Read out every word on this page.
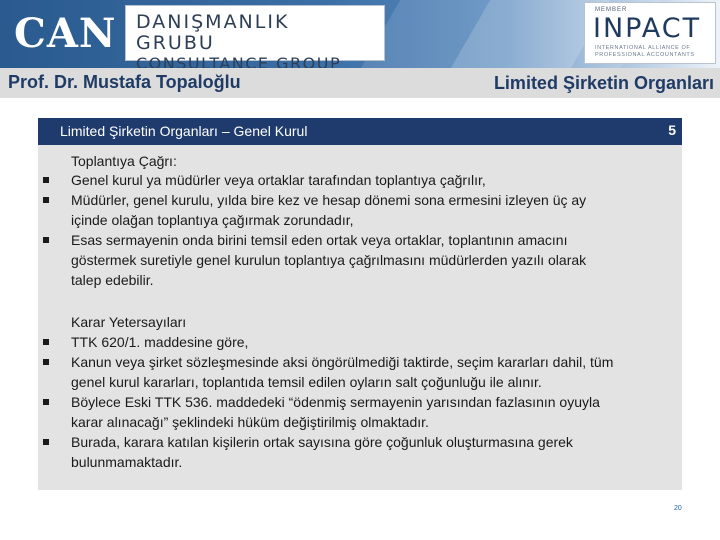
CAN DANIŞMANLIK GRUBU
CONSULTANCE GROUP
MEMBER
INPACT
INTERNATIONAL ALLIANCE OF
PROFESSIONAL ACCOUNTANTS
Prof. Dr. Mustafa Topaloğlu	Limited Şirketin Organları
Limited Şirketin Organları – Genel Kurul	5
Toplantıya Çağrı:
Genel kurul ya müdürler veya ortaklar tarafından toplantıya çağrılır,
Müdürler, genel kurulu, yılda bire kez ve hesap dönemi sona ermesini izleyen üç ay
içinde olağan toplantıya çağırmak zorundadır,
Esas sermayenin onda birini temsil eden ortak veya ortaklar, toplantının amacını
göstermek suretiyle genel kurulun toplantıya çağrılmasını müdürlerden yazılı olarak
talep edebilir.
Karar Yetersayıları
TTK 620/1. maddesine göre,
Kanun veya şirket sözleşmesinde aksi öngörülmediği taktirde, seçim kararları dahil, tüm
genel kurul kararları, toplantıda temsil edilen oyların salt çoğunluğu ile alınır.
Böylece Eski TTK 536. maddedeki “ödenmiş sermayenin yarısından fazlasının oyuyla
karar alınacağı” şeklindeki hüküm değiştirilmiş olmaktadır.
Burada, karara katılan kişilerin ortak sayısına göre çoğunluk oluşturmasına gerek
bulunmamaktadır.
20
